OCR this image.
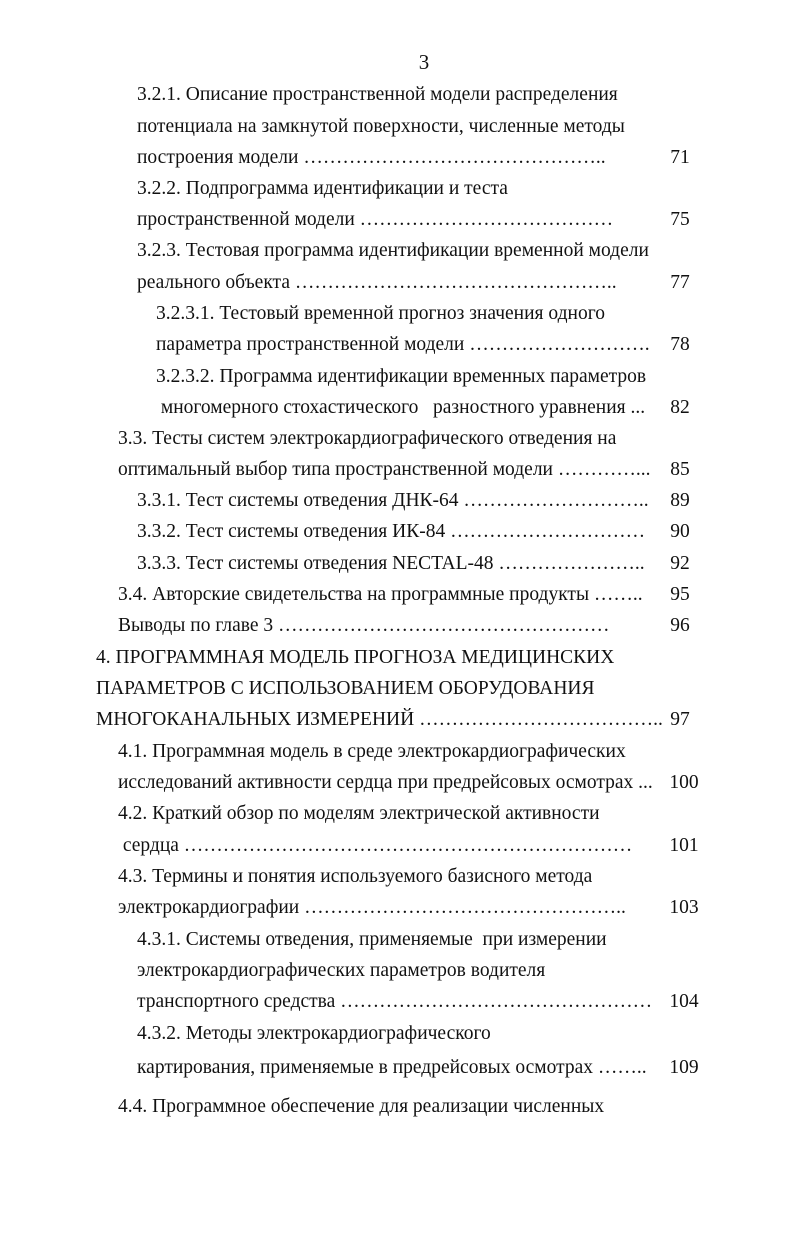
3
3.2.1. Описание пространственной модели распределения
потенциала на замкнутой поверхности, численные методы
построения модели ………………………………………..	71
3.2.2. Подпрограмма идентификации и теста
пространственной модели …………………………………	75
3.2.3. Тестовая программа идентификации временной модели
реального объекта …………………………………………..	77
3.2.3.1. Тестовый временной прогноз значения одного
параметра пространственной модели ……………………….	78
3.2.3.2. Программа идентификации временных параметров
многомерного стохастического   разностного уравнения ...	82
3.3. Тесты систем электрокардиографического отведения на
оптимальный выбор типа пространственной модели …………...	85
3.3.1. Тест системы отведения ДНК-64 ………………………..	89
3.3.2. Тест системы отведения ИК-84 …………………………	90
3.3.3. Тест системы отведения NECTAL-48 …………………..	92
3.4. Авторские свидетельства на программные продукты ……..	95
Выводы по главе 3 ……………………………………………	96
4. ПРОГРАММНАЯ МОДЕЛЬ ПРОГНОЗА МЕДИЦИНСКИХ
ПАРАМЕТРОВ С ИСПОЛЬЗОВАНИЕМ ОБОРУДОВАНИЯ
МНОГОКАНАЛЬНЫХ ИЗМЕРЕНИЙ ……………………………….. 97
4.1. Программная модель в среде электрокардиографических
исследований активности сердца при предрейсовых осмотрах ... 100
4.2. Краткий обзор по моделям электрической активности
сердца ……………………………………………………………	101
4.3. Термины и понятия используемого базисного метода
электрокардиографии …………………………………………..	103
4.3.1. Системы отведения, применяемые  при измерении
электрокардиографических параметров водителя
транспортного средства ………………………………………… 104
4.3.2. Методы электрокардиографического
картирования, применяемые в предрейсовых осмотрах ……..	109
4.4. Программное обеспечение для реализации численных
